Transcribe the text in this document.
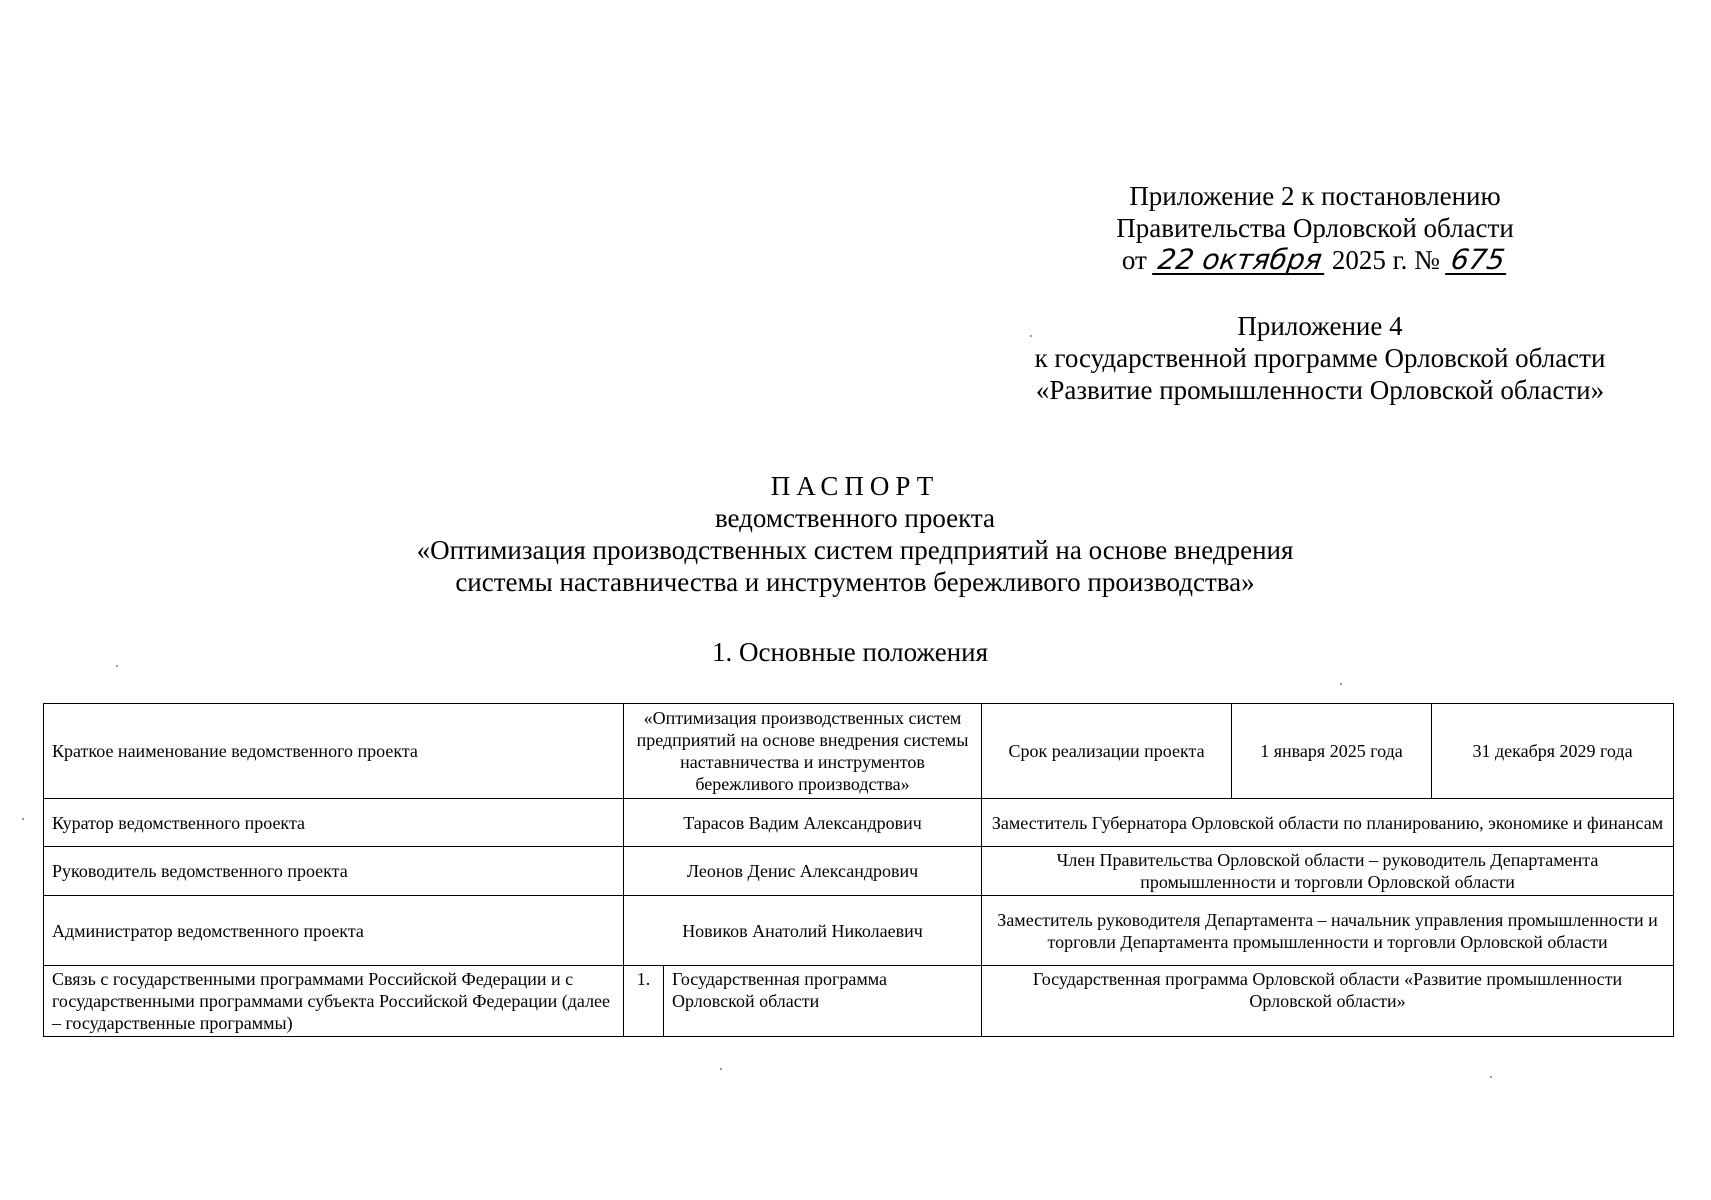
Приложение 2 к постановлению
Правительства Орловской области
от 22 октября 2025 г. № 675
Приложение 4
к государственной программе Орловской области
«Развитие промышленности Орловской области»
ПАСПОРТ
ведомственного проекта
«Оптимизация производственных систем предприятий на основе внедрения
системы наставничества и инструментов бережливого производства»
1. Основные положения
Краткое наименование ведомственного проекта	«Оптимизация производственных систем предприятий на основе внедрения системы наставничества и инструментов бережливого производства»		Срок реализации проекта	1 января 2025 года	31 декабря 2029 года
Куратор ведомственного проекта	Тарасов Вадим Александрович		Заместитель Губернатора Орловской области по планированию, экономике и финансам		
Руководитель ведомственного проекта	Леонов Денис Александрович		Член Правительства Орловской области – руководитель Департамента промышленности и торговли Орловской области		
Администратор ведомственного проекта	Новиков Анатолий Николаевич		Заместитель руководителя Департамента – начальник управления промышленности и торговли Департамента промышленности и торговли Орловской области		
Связь с государственными программами Российской Федерации и с государственными программами субъекта Российской Федерации (далее – государственные программы)	1.	Государственная программа Орловской области	Государственная программа Орловской области «Развитие промышленности Орловской области»		
